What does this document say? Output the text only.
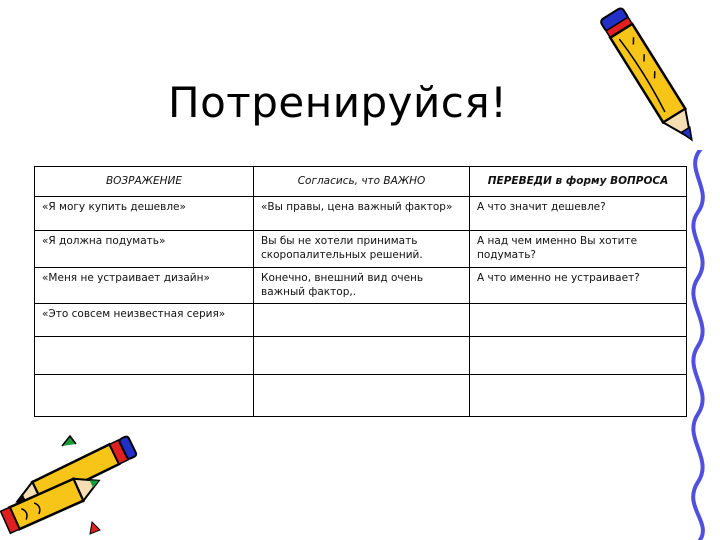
Потренируйся!
ВОЗРАЖЕНИЕ	Согласись, что ВАЖНО	ПЕРЕВЕДИ в форму ВОПРОСА
«Я могу купить дешевле»	«Вы правы, цена важный фактор»	А что значит дешевле?
«Я должна подумать»	Вы бы не хотели принимать скоропалительных решений.	А над чем именно Вы хотите подумать?
«Меня не устраивает дизайн»	Конечно, внешний вид очень важный фактор,.	А что именно не устраивает?
«Это совсем неизвестная серия»		
